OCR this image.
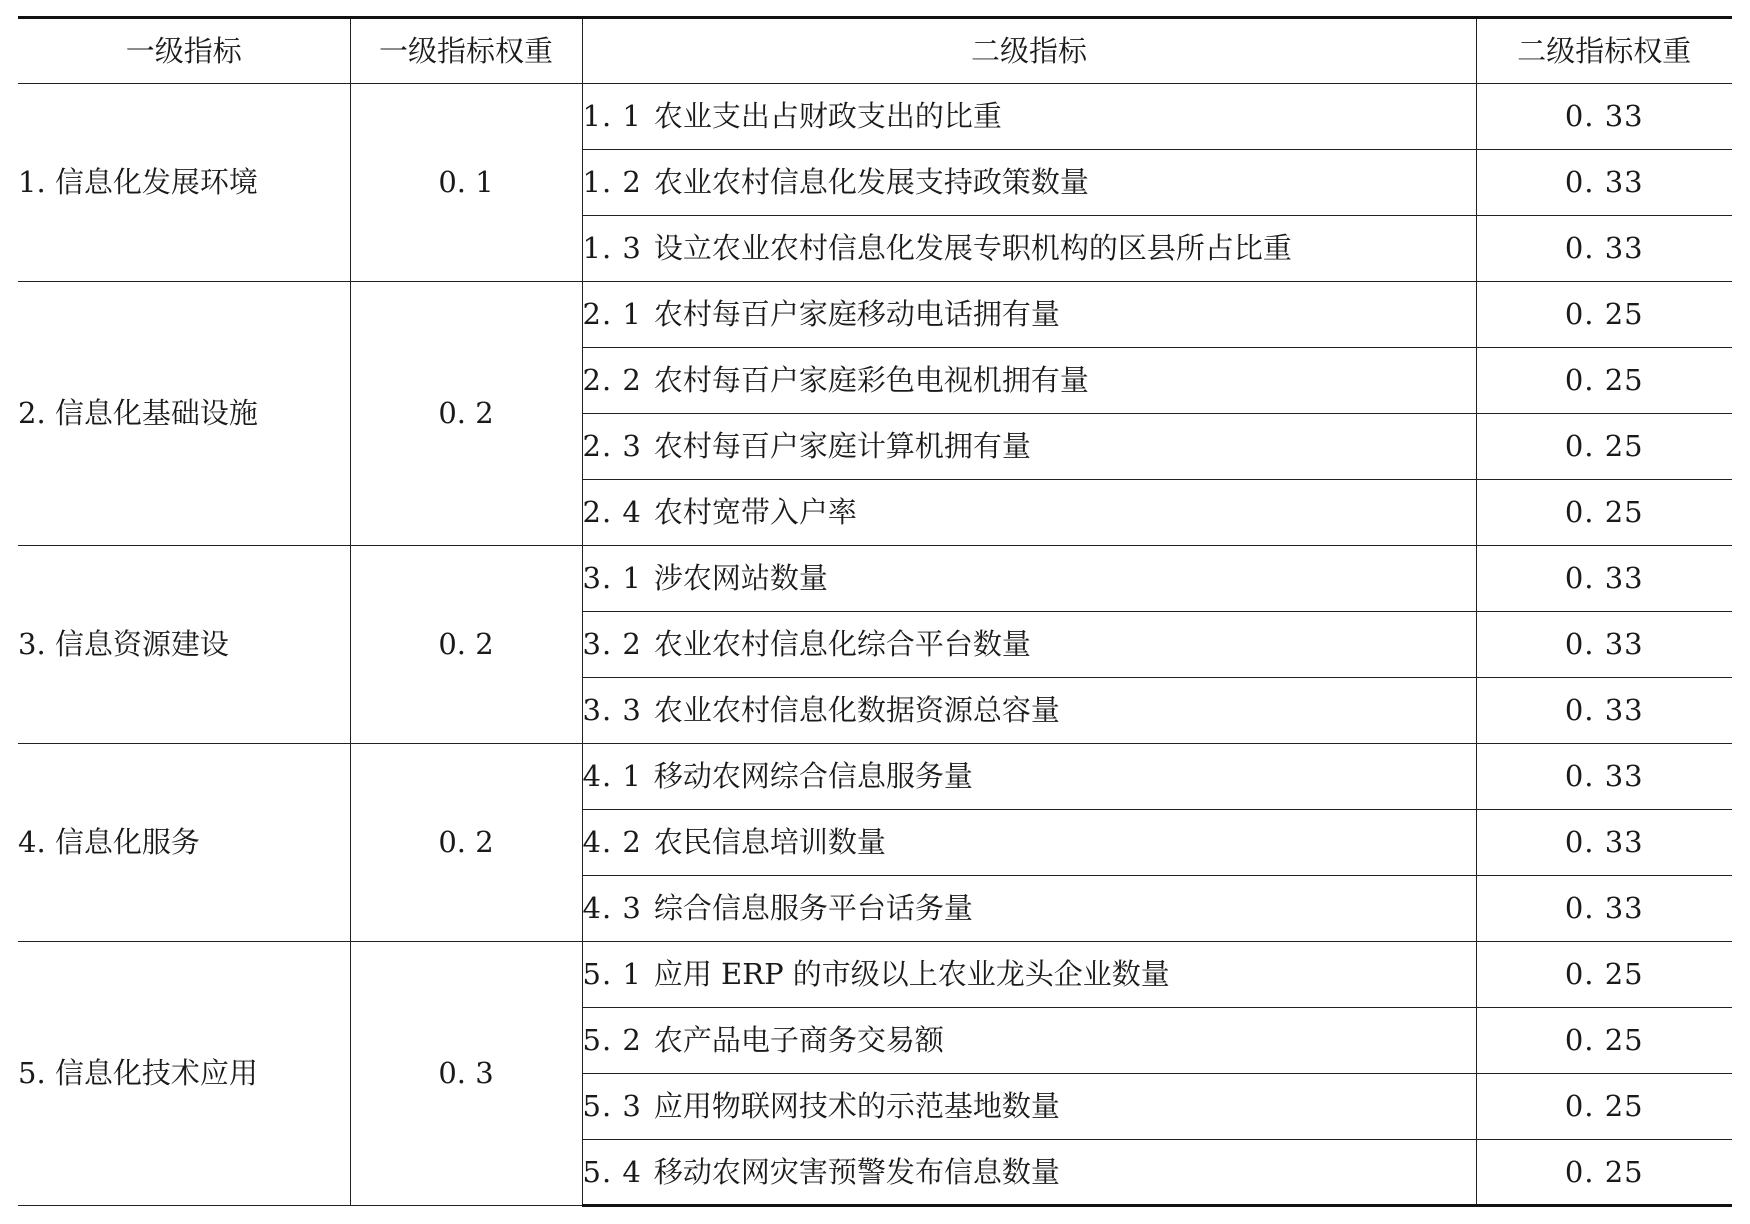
一级指标	一级指标权重	二级指标	二级指标权重
1. 信息化发展环境	0. 1	1. 1 农业支出占财政支出的比重	0. 33
		1. 2 农业农村信息化发展支持政策数量	0. 33
		1. 3 设立农业农村信息化发展专职机构的区县所占比重	0. 33
2. 信息化基础设施	0. 2	2. 1 农村每百户家庭移动电话拥有量	0. 25
		2. 2 农村每百户家庭彩色电视机拥有量	0. 25
		2. 3 农村每百户家庭计算机拥有量	0. 25
		2. 4 农村宽带入户率	0. 25
3. 信息资源建设	0. 2	3. 1 涉农网站数量	0. 33
		3. 2 农业农村信息化综合平台数量	0. 33
		3. 3 农业农村信息化数据资源总容量	0. 33
4. 信息化服务	0. 2	4. 1 移动农网综合信息服务量	0. 33
		4. 2 农民信息培训数量	0. 33
		4. 3 综合信息服务平台话务量	0. 33
5. 信息化技术应用	0. 3	5. 1 应用 ERP 的市级以上农业龙头企业数量	0. 25
		5. 2 农产品电子商务交易额	0. 25
		5. 3 应用物联网技术的示范基地数量	0. 25
		5. 4 移动农网灾害预警发布信息数量	0. 25
